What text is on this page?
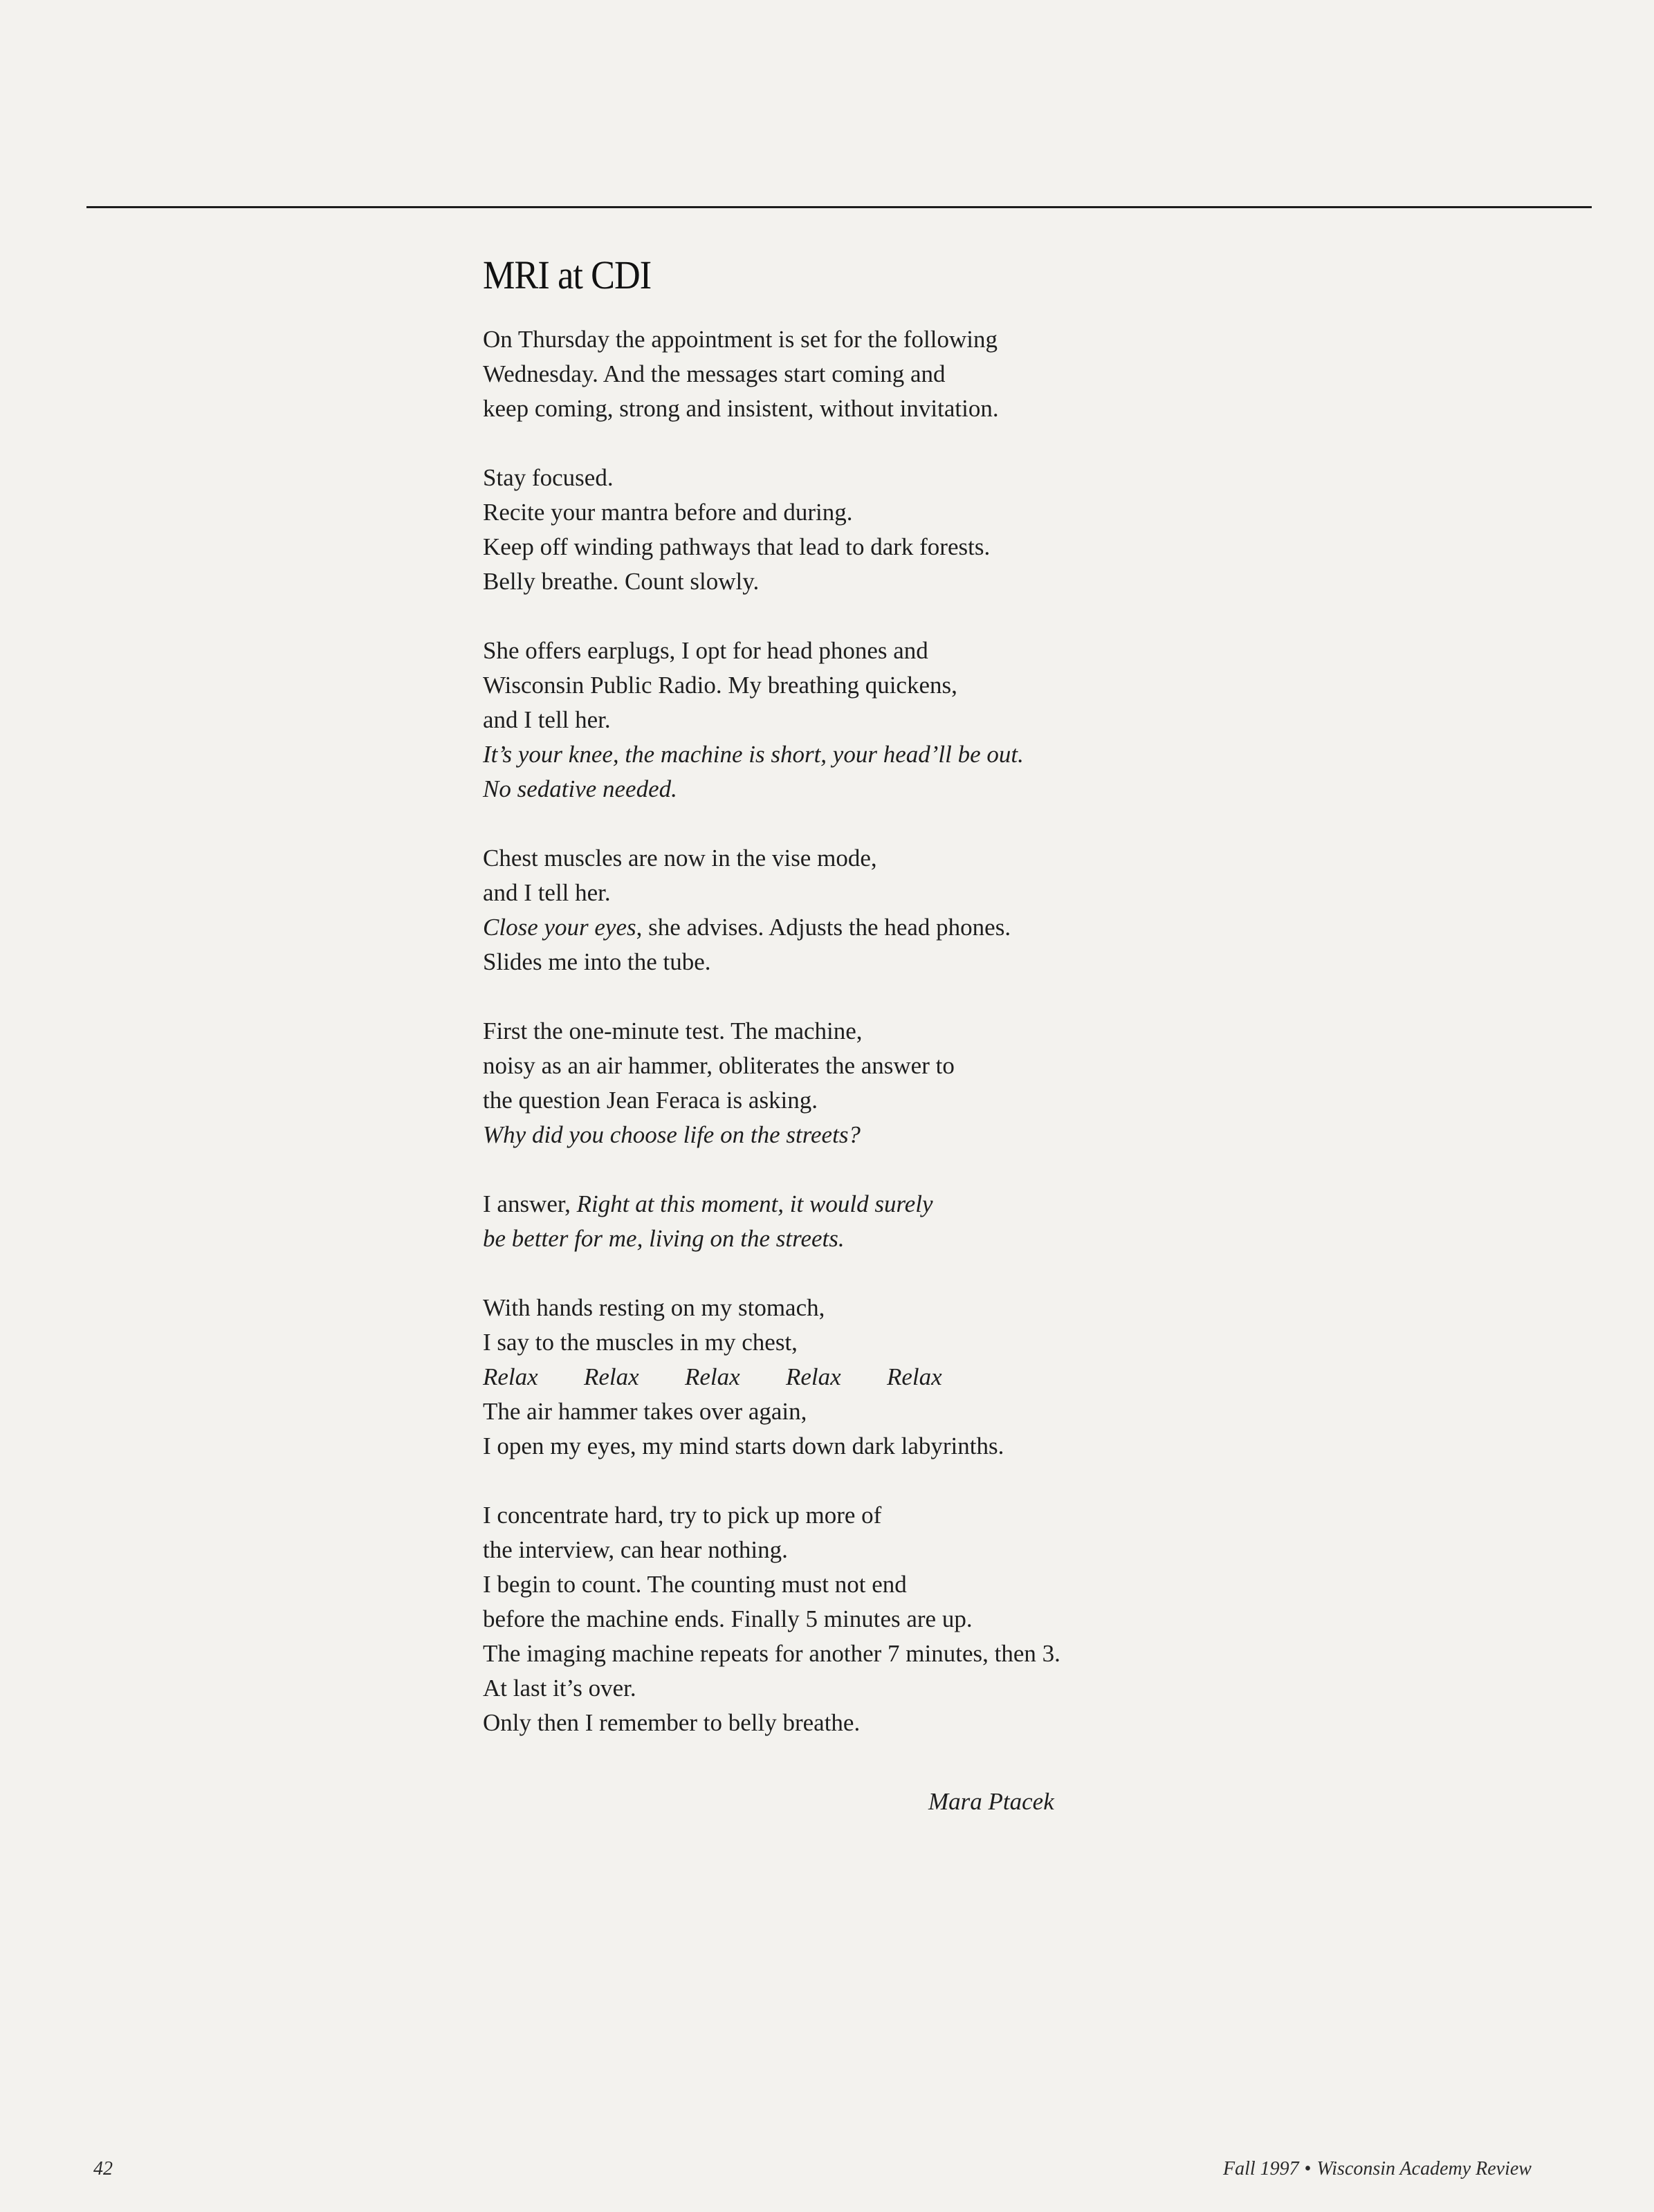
MRI at CDI
On Thursday the appointment is set for the following
Wednesday. And the messages start coming and
keep coming, strong and insistent, without invitation.
Stay focused.
Recite your mantra before and during.
Keep off winding pathways that lead to dark forests.
Belly breathe. Count slowly.
She offers earplugs, I opt for head phones and
Wisconsin Public Radio. My breathing quickens,
and I tell her.
It’s your knee, the machine is short, your head’ll be out.
No sedative needed.
Chest muscles are now in the vise mode,
and I tell her.
Close your eyes, she advises. Adjusts the head phones.
Slides me into the tube.
First the one-minute test. The machine,
noisy as an air hammer, obliterates the answer to
the question Jean Feraca is asking.
Why did you choose life on the streets?
I answer, Right at this moment, it would surely
be better for me, living on the streets.
With hands resting on my stomach,
I say to the muscles in my chest,
Relax Relax Relax Relax Relax
The air hammer takes over again,
I open my eyes, my mind starts down dark labyrinths.
I concentrate hard, try to pick up more of
the interview, can hear nothing.
I begin to count. The counting must not end
before the machine ends. Finally 5 minutes are up.
The imaging machine repeats for another 7 minutes, then 3.
At last it’s over.
Only then I remember to belly breathe.
Mara Ptacek
42	Fall 1997 • Wisconsin Academy Review
